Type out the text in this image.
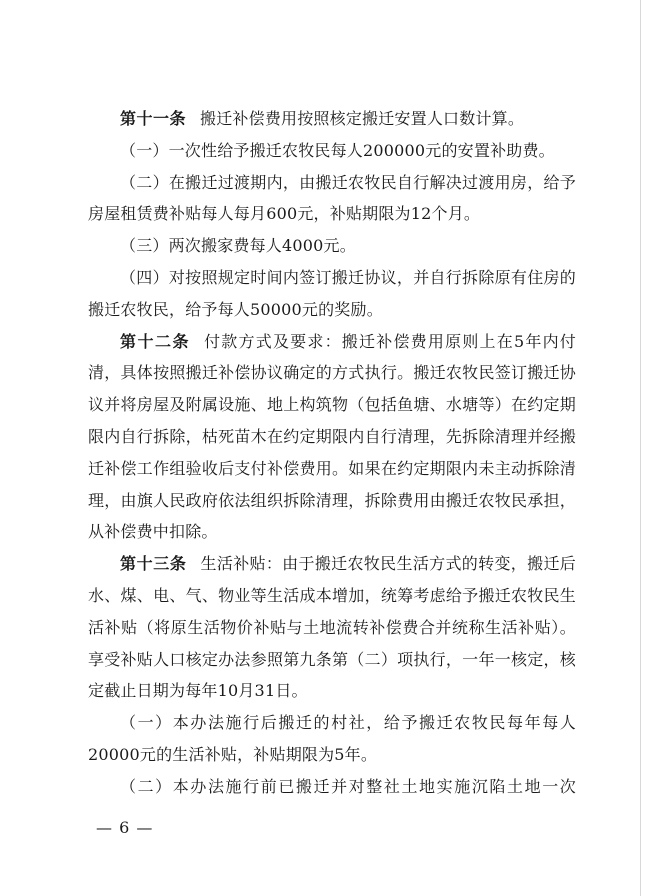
第十一条 搬迁补偿费用按照核定搬迁安置人口数计算。

（一）一次性给予搬迁农牧民每人200000元的安置补助费。

（二）在搬迁过渡期内，由搬迁农牧民自行解决过渡用房，给予房屋租赁费补贴每人每月600元，补贴期限为12个月。

（三）两次搬家费每人4000元。

（四）对按照规定时间内签订搬迁协议，并自行拆除原有住房的搬迁农牧民，给予每人50000元的奖励。

第十二条 付款方式及要求：搬迁补偿费用原则上在5年内付清，具体按照搬迁补偿协议确定的方式执行。搬迁农牧民签订搬迁协议并将房屋及附属设施、地上构筑物（包括鱼塘、水塘等）在约定期限内自行拆除，枯死苗木在约定期限内自行清理，先拆除清理并经搬迁补偿工作组验收后支付补偿费用。如果在约定期限内未主动拆除清理，由旗人民政府依法组织拆除清理，拆除费用由搬迁农牧民承担，从补偿费中扣除。

第十三条 生活补贴：由于搬迁农牧民生活方式的转变，搬迁后水、煤、电、气、物业等生活成本增加，统筹考虑给予搬迁农牧民生活补贴（将原生活物价补贴与土地流转补偿费合并统称生活补贴）。享受补贴人口核定办法参照第九条第（二）项执行，一年一核定，核定截止日期为每年10月31日。

（一）本办法施行后搬迁的村社，给予搬迁农牧民每年每人20000元的生活补贴，补贴期限为5年。

（二）本办法施行前已搬迁并对整社土地实施沉陷土地一次

— 6 —
